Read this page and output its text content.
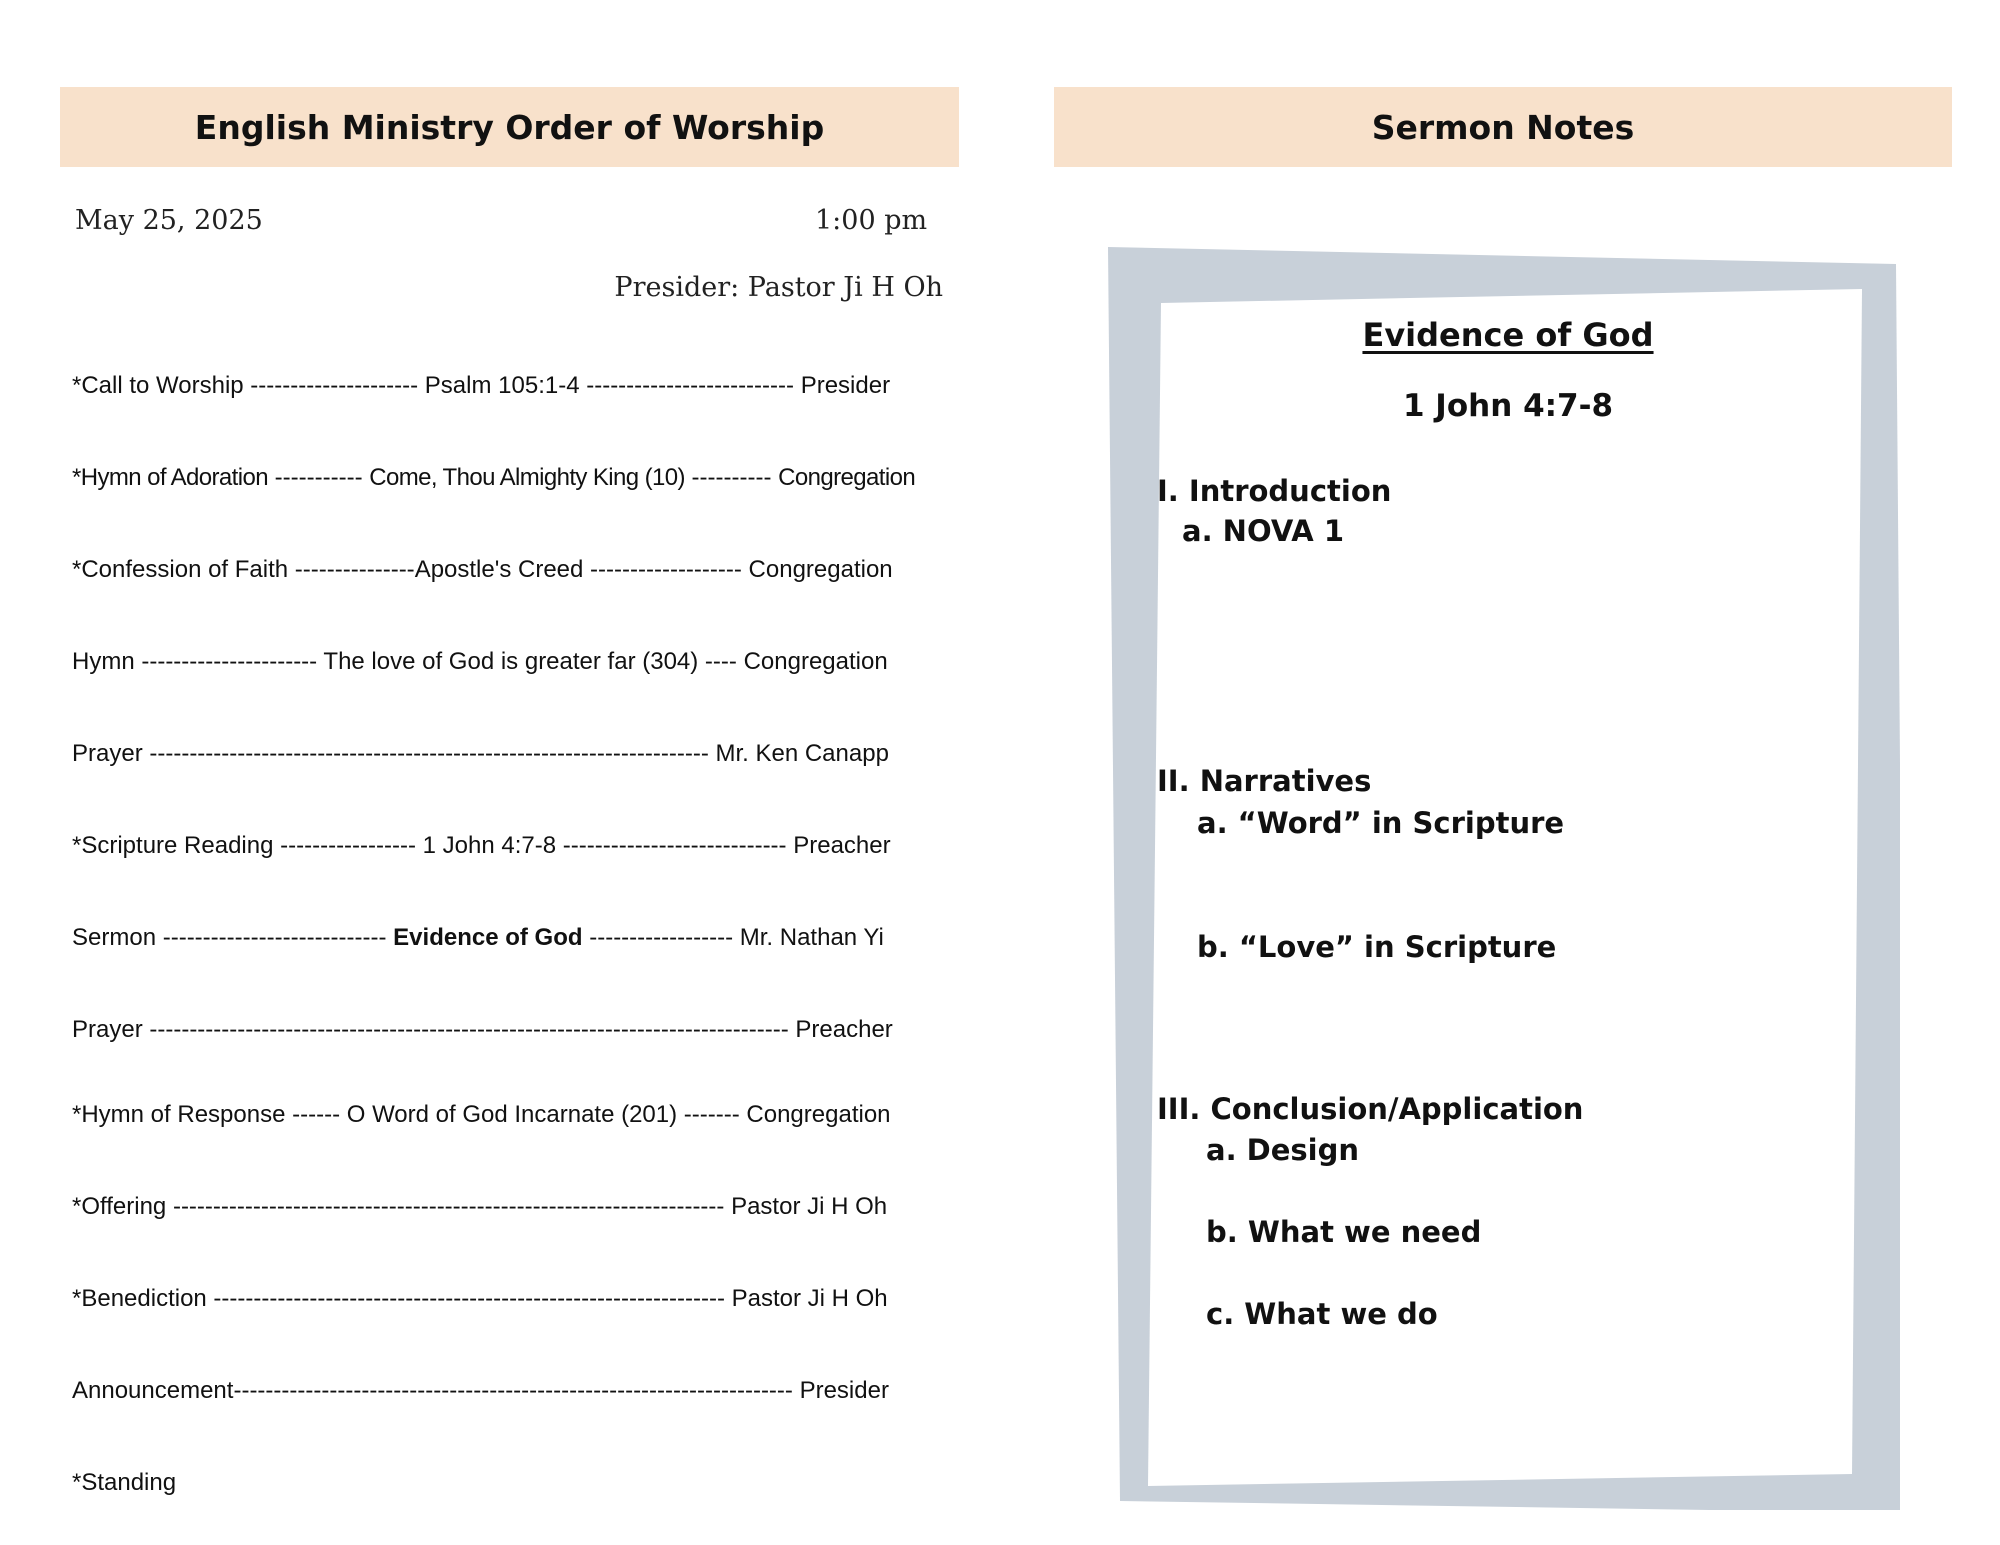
English Ministry Order of Worship
May 25, 2025	1:00 pm
Presider: Pastor Ji H Oh
*Call to Worship --------------------- Psalm 105:1-4 -------------------------- Presider
*Hymn of Adoration ----------- Come, Thou Almighty King (10) ---------- Congregation
*Confession of Faith ---------------Apostle's Creed ------------------- Congregation
Hymn ---------------------- The love of God is greater far (304) ---- Congregation
Prayer ---------------------------------------------------------------------- Mr. Ken Canapp
*Scripture Reading ----------------- 1 John 4:7-8 ---------------------------- Preacher
Sermon ---------------------------- Evidence of God ------------------ Mr. Nathan Yi
Prayer -------------------------------------------------------------------------------- Preacher
*Hymn of Response ------ O Word of God Incarnate (201) ------- Congregation
*Offering --------------------------------------------------------------------- Pastor Ji H Oh
*Benediction ---------------------------------------------------------------- Pastor Ji H Oh
Announcement---------------------------------------------------------------------- Presider
*Standing
Sermon Notes
Evidence of God
1 John 4:7-8
I. Introduction
a. NOVA 1
II. Narratives
a. “Word” in Scripture
b. “Love” in Scripture
III. Conclusion/Application
a. Design
b. What we need
c. What we do
